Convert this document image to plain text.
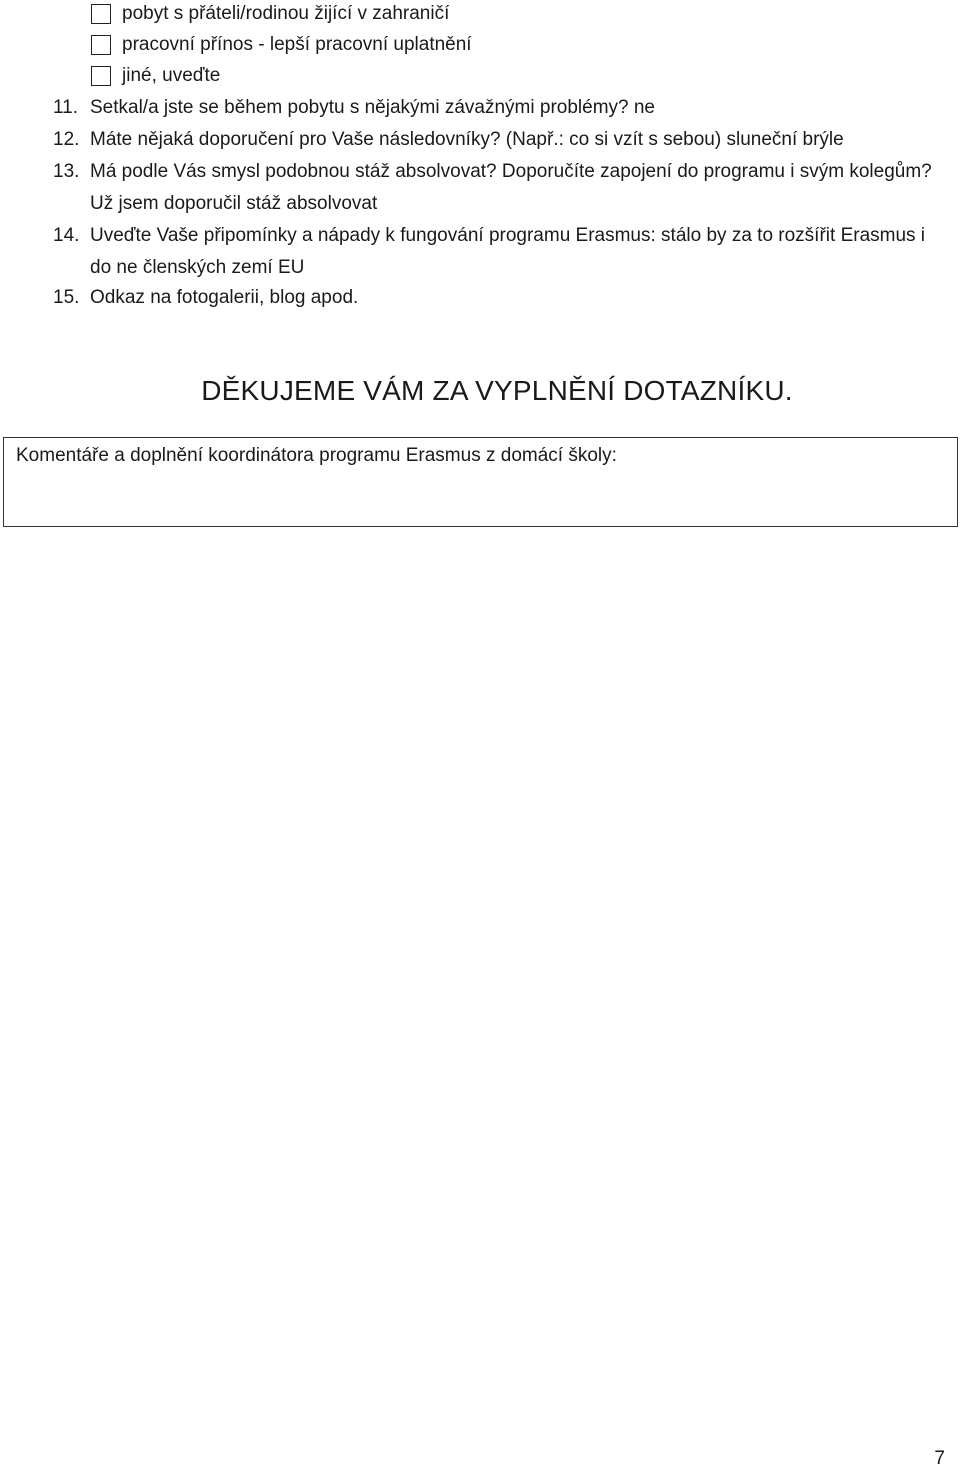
pobyt s přáteli/rodinou žijící v zahraničí
pracovní přínos - lepší pracovní uplatnění
jiné, uveďte
11. Setkal/a jste se během pobytu s nějakými závažnými problémy? ne
12. Máte nějaká doporučení pro Vaše následovníky? (Např.: co si vzít s sebou) sluneční brýle
13. Má podle Vás smysl podobnou stáž absolvovat? Doporučíte zapojení do programu i svým kolegům? Už jsem doporučil stáž absolvovat
14. Uveďte Vaše připomínky a nápady k fungování programu Erasmus: stálo by za to rozšířit Erasmus i do ne členských zemí EU
15. Odkaz na fotogalerii, blog apod.
DĚKUJEME VÁM ZA VYPLNĚNÍ DOTAZNÍKU.
Komentáře a doplnění koordinátora programu Erasmus z domácí školy:
7
